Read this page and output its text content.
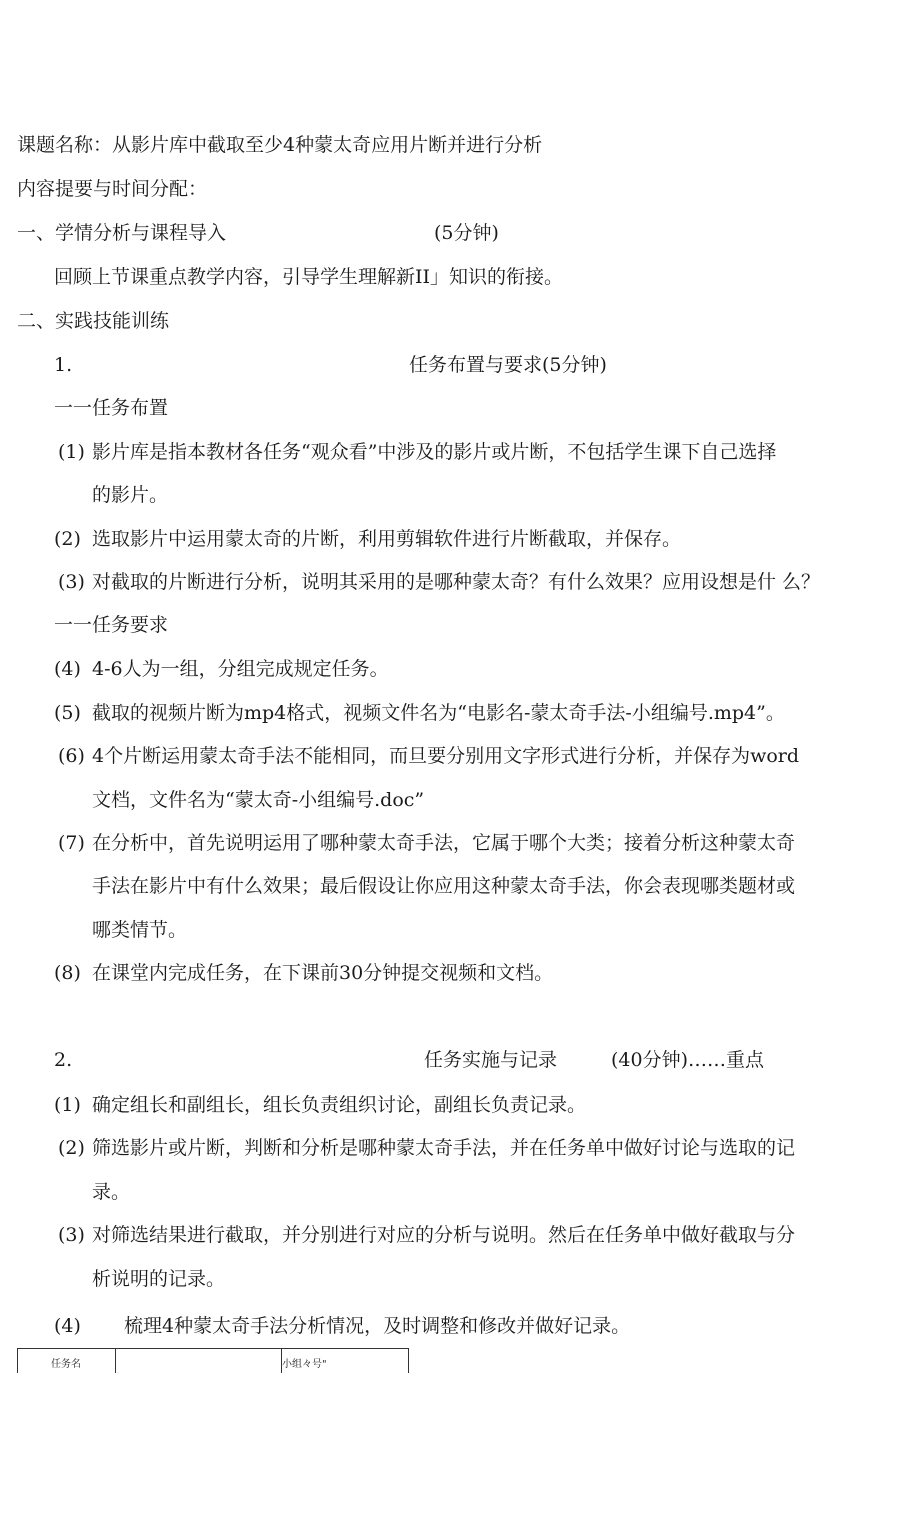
课题名称：从影片库中截取至少4种蒙太奇应用片断并进行分析
内容提要与时间分配：
一、学情分析与课程导入	(5分钟)
回顾上节课重点教学内容，引导学生理解新II」知识的衔接。
二、实践技能训练
1.	任务布置与要求(5分钟)
一一任务布置
(1) 影片库是指本教材各任务“观众看”中涉及的影片或片断，不包括学生课下自己选择
的影片。
(2) 选取影片中运用蒙太奇的片断，利用剪辑软件进行片断截取，并保存。
(3) 对截取的片断进行分析，说明其采用的是哪种蒙太奇？有什么效果？应用设想是什 么？
一一任务要求
(4) 4-6人为一组，分组完成规定任务。
(5) 截取的视频片断为mp4格式，视频文件名为“电影名-蒙太奇手法-小组编号.mp4”。
(6) 4个片断运用蒙太奇手法不能相同，而旦要分别用文字形式进行分析，并保存为word
文档，文件名为“蒙太奇-小组编号.doc”
(7) 在分析中，首先说明运用了哪种蒙太奇手法，它属于哪个大类；接着分析这种蒙太奇
手法在影片中有什么效果；最后假设让你应用这种蒙太奇手法，你会表现哪类题材或
哪类情节。
(8) 在课堂内完成任务，在下课前30分钟提交视频和文档。
2.	任务实施与记录	(40分钟)……重点
(1) 确定组长和副组长，组长负责组织讨论，副组长负责记录。
(2) 筛选影片或片断，判断和分析是哪种蒙太奇手法，并在任务单中做好讨论与选取的记
录。
(3) 对筛选结果进行截取，并分别进行对应的分析与说明。然后在任务单中做好截取与分
析说明的记录。
(4) 梳理4种蒙太奇手法分析情况，及时调整和修改并做好记录。
任务名		小组々号"
